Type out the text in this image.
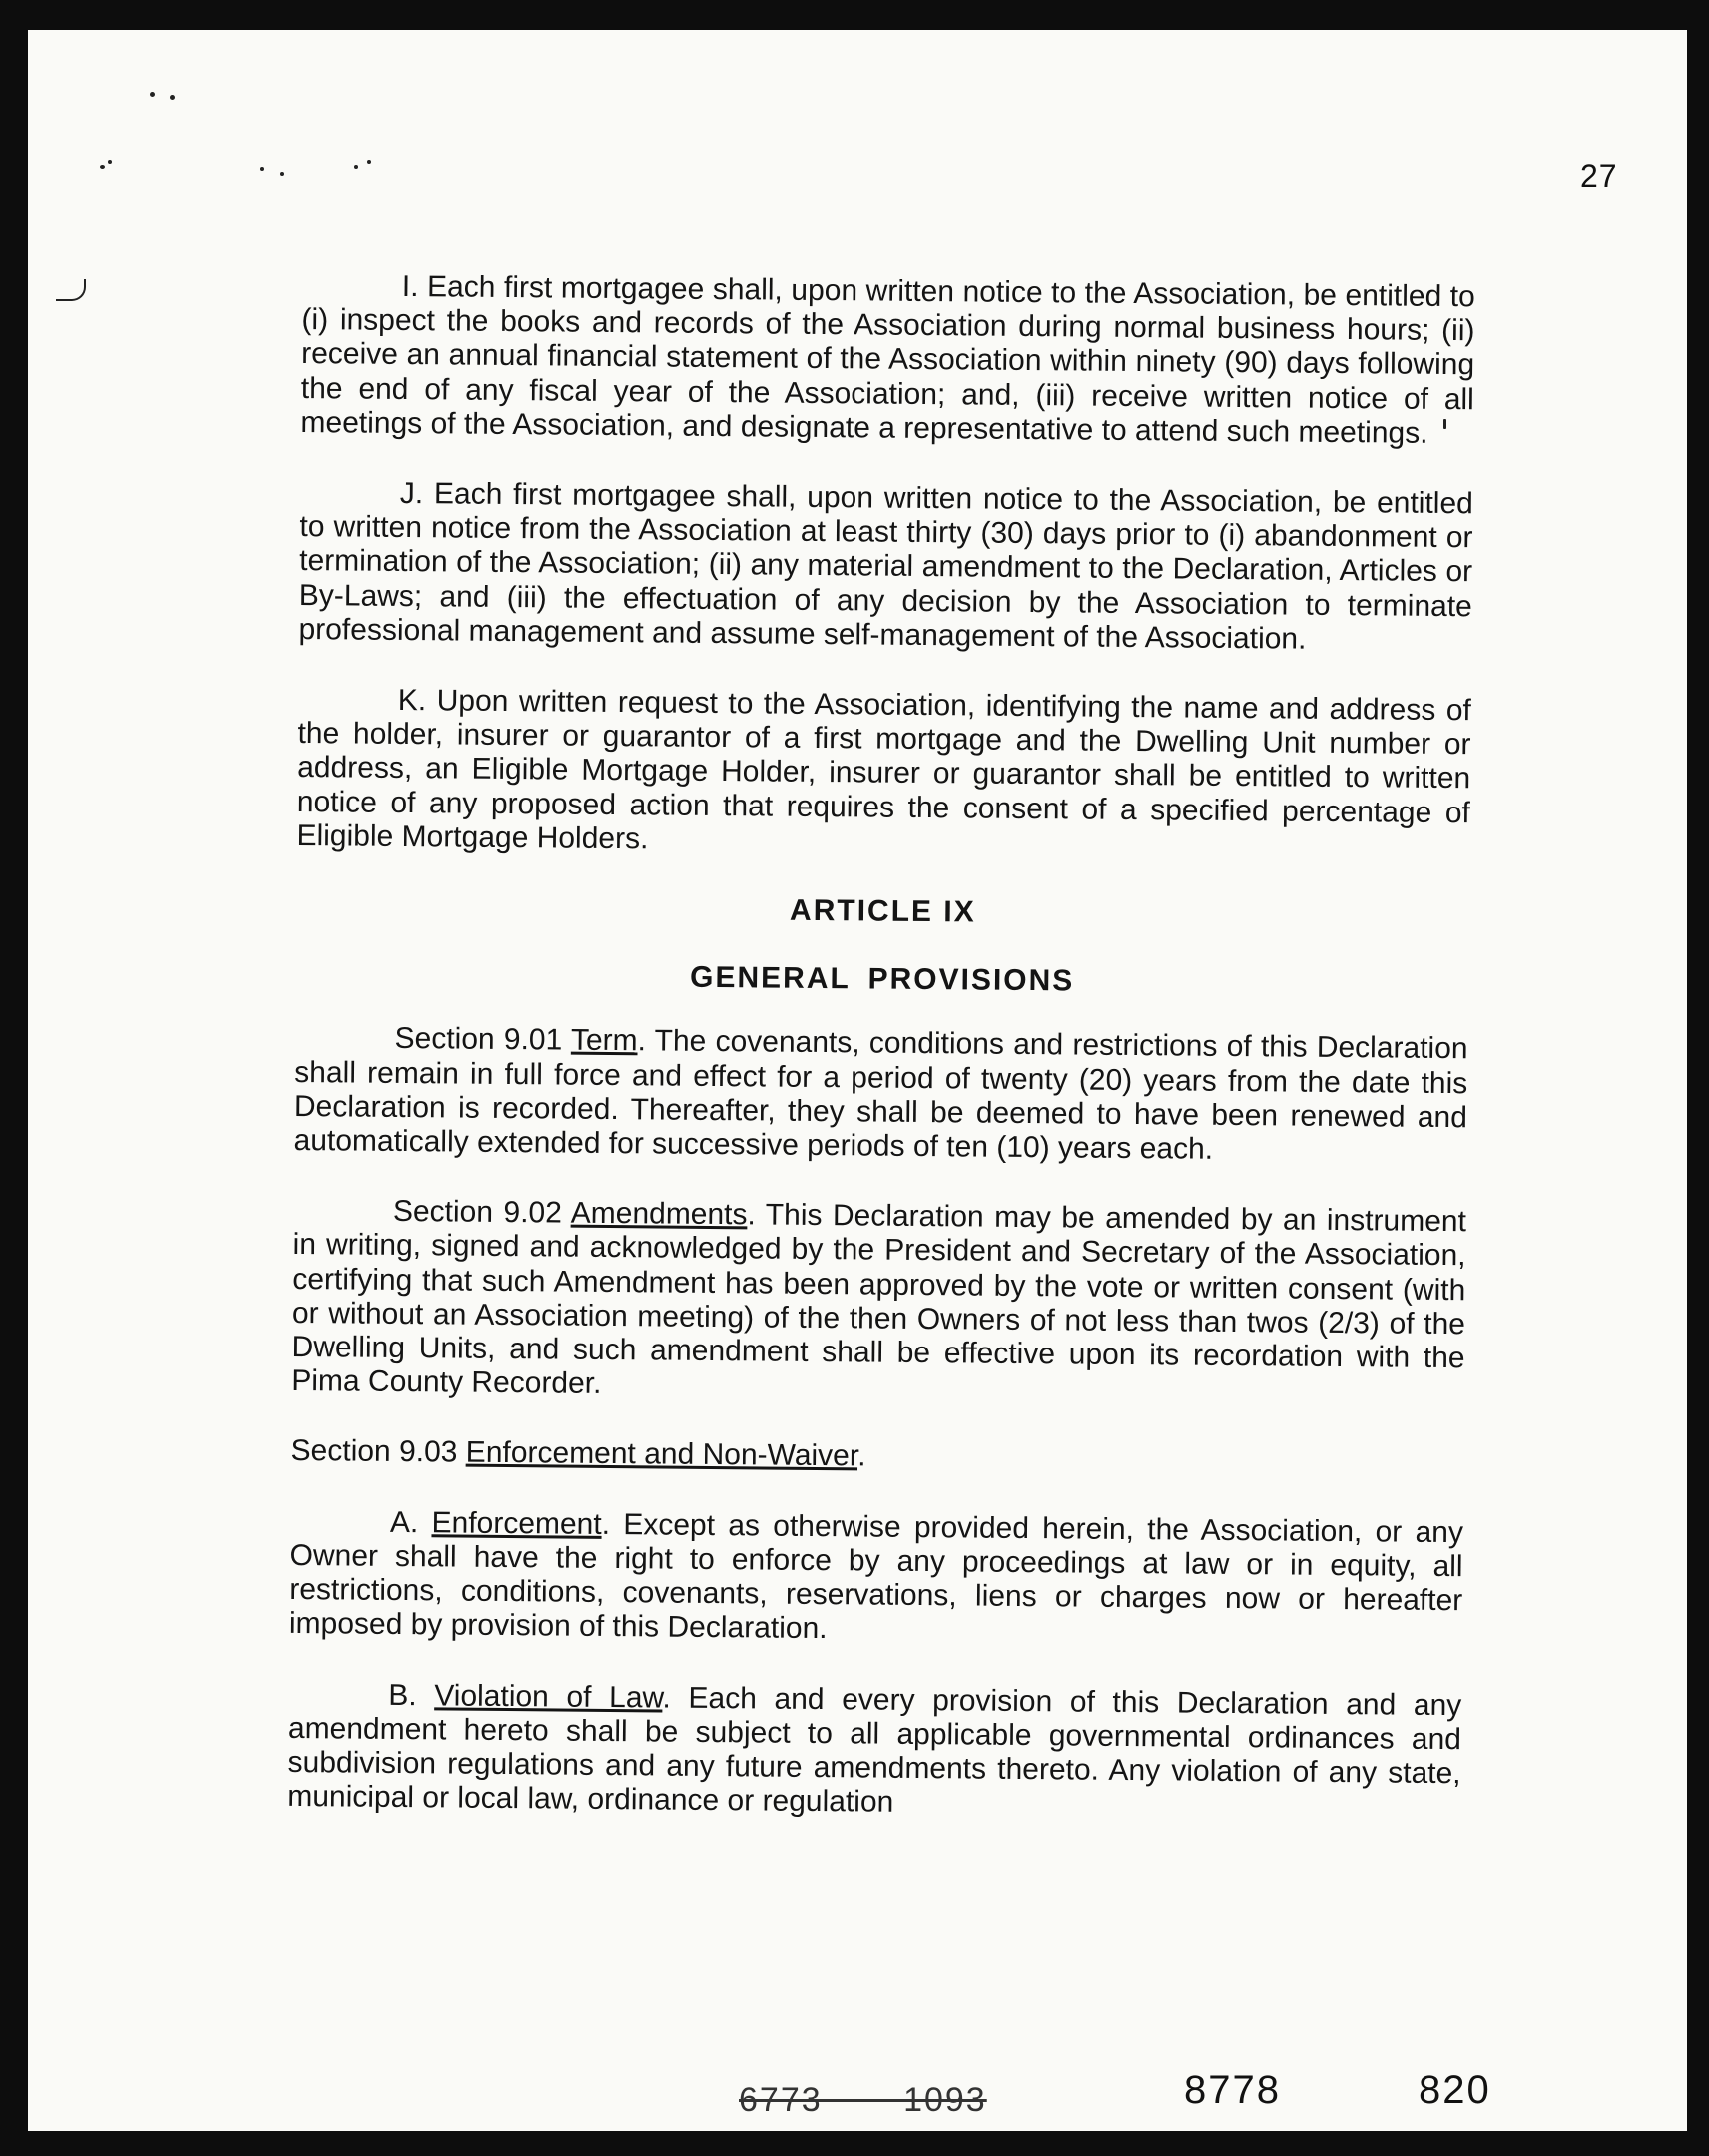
27

I. Each first mortgagee shall, upon written notice to the Association, be entitled to (i) inspect the books and records of the Association during normal business hours; (ii) receive an annual financial statement of the Association within ninety (90) days following the end of any fiscal year of the Association; and, (iii) receive written notice of all meetings of the Association, and designate a representative to attend such meetings.

J. Each first mortgagee shall, upon written notice to the Association, be entitled to written notice from the Association at least thirty (30) days prior to (i) abandonment or termination of the Association; (ii) any material amendment to the Declaration, Articles or By-Laws; and (iii) the effectuation of any decision by the Association to terminate professional management and assume self-management of the Association.

K. Upon written request to the Association, identifying the name and address of the holder, insurer or guarantor of a first mortgage and the Dwelling Unit number or address, an Eligible Mortgage Holder, insurer or guarantor shall be entitled to written notice of any proposed action that requires the consent of a specified percentage of Eligible Mortgage Holders.

ARTICLE IX
GENERAL PROVISIONS

Section 9.01 Term. The covenants, conditions and restrictions of this Declaration shall remain in full force and effect for a period of twenty (20) years from the date this Declaration is recorded. Thereafter, they shall be deemed to have been renewed and automatically extended for successive periods of ten (10) years each.

Section 9.02 Amendments. This Declaration may be amended by an instrument in writing, signed and acknowledged by the President and Secretary of the Association, certifying that such Amendment has been approved by the vote or written consent (with or without an Association meeting) of the then Owners of not less than twos (2/3) of the Dwelling Units, and such amendment shall be effective upon its recordation with the Pima County Recorder.

Section 9.03 Enforcement and Non-Waiver.

A. Enforcement. Except as otherwise provided herein, the Association, or any Owner shall have the right to enforce by any proceedings at law or in equity, all restrictions, conditions, covenants, reservations, liens or charges now or hereafter imposed by provision of this Declaration.

B. Violation of Law. Each and every provision of this Declaration and any amendment hereto shall be subject to all applicable governmental ordinances and subdivision regulations and any future amendments thereto. Any violation of any state, municipal or local law, ordinance or regulation

6773 1093	8778	820
